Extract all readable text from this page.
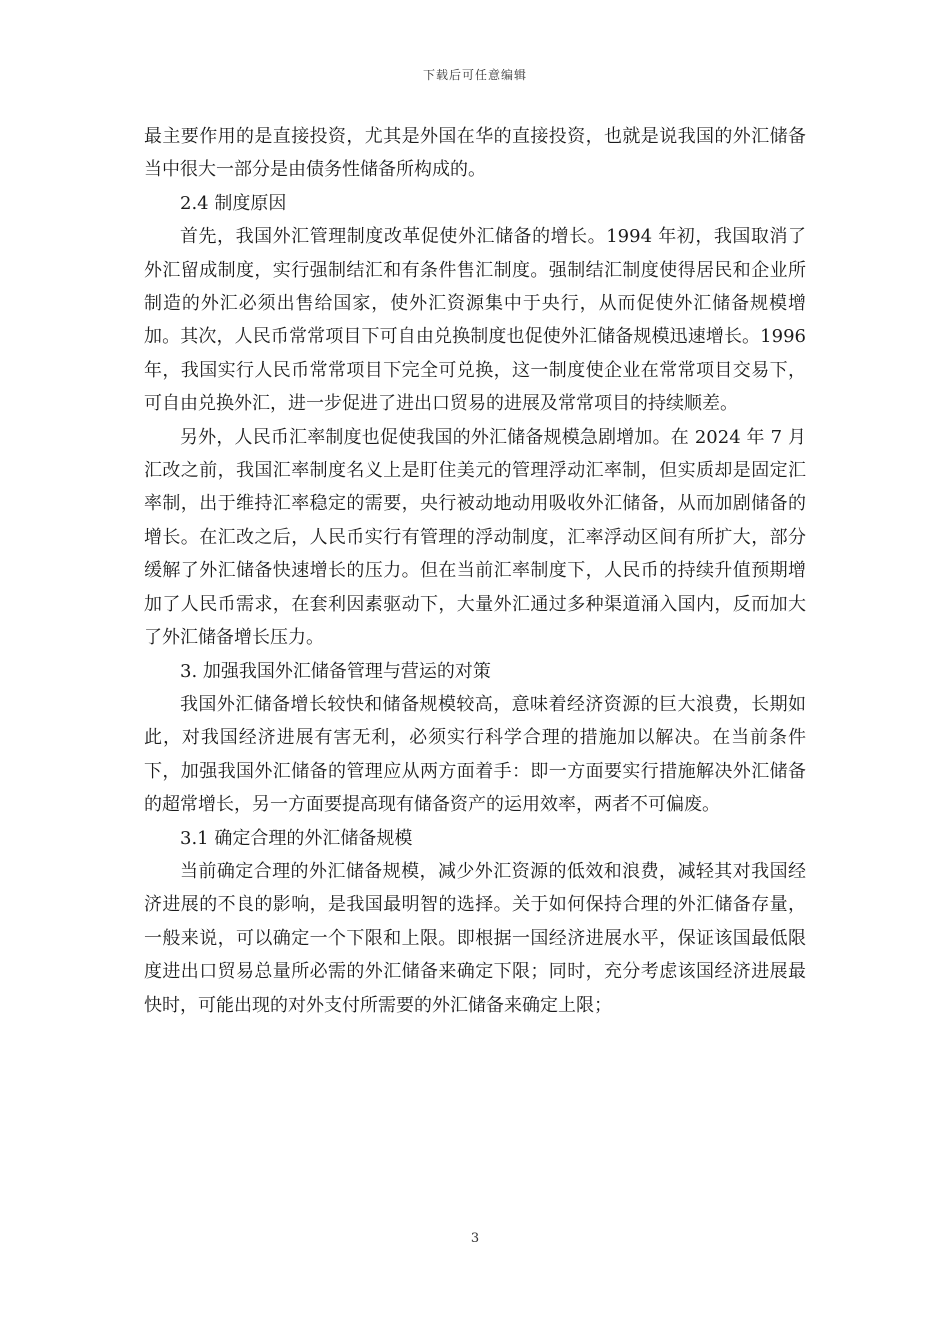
下载后可任意编辑

最主要作用的是直接投资，尤其是外国在华的直接投资，也就是说我国的外汇储备当中很大一部分是由债务性储备所构成的。

2.4 制度原因

首先，我国外汇管理制度改革促使外汇储备的增长。1994 年初，我国取消了外汇留成制度，实行强制结汇和有条件售汇制度。强制结汇制度使得居民和企业所制造的外汇必须出售给国家，使外汇资源集中于央行，从而促使外汇储备规模增加。其次，人民币常常项目下可自由兑换制度也促使外汇储备规模迅速增长。1996 年，我国实行人民币常常项目下完全可兑换，这一制度使企业在常常项目交易下，可自由兑换外汇，进一步促进了进出口贸易的进展及常常项目的持续顺差。

另外，人民币汇率制度也促使我国的外汇储备规模急剧增加。在 2024 年 7 月汇改之前，我国汇率制度名义上是盯住美元的管理浮动汇率制，但实质却是固定汇率制，出于维持汇率稳定的需要，央行被动地动用吸收外汇储备，从而加剧储备的增长。在汇改之后，人民币实行有管理的浮动制度，汇率浮动区间有所扩大，部分缓解了外汇储备快速增长的压力。但在当前汇率制度下，人民币的持续升值预期增加了人民币需求，在套利因素驱动下，大量外汇通过多种渠道涌入国内，反而加大了外汇储备增长压力。

3. 加强我国外汇储备管理与营运的对策

我国外汇储备增长较快和储备规模较高，意味着经济资源的巨大浪费，长期如此，对我国经济进展有害无利，必须实行科学合理的措施加以解决。在当前条件下，加强我国外汇储备的管理应从两方面着手：即一方面要实行措施解决外汇储备的超常增长，另一方面要提高现有储备资产的运用效率，两者不可偏废。

3.1 确定合理的外汇储备规模

当前确定合理的外汇储备规模，减少外汇资源的低效和浪费，减轻其对我国经济进展的不良的影响，是我国最明智的选择。关于如何保持合理的外汇储备存量，一般来说，可以确定一个下限和上限。即根据一国经济进展水平，保证该国最低限度进出口贸易总量所必需的外汇储备来确定下限；同时，充分考虑该国经济进展最快时，可能出现的对外支付所需要的外汇储备来确定上限；

3
